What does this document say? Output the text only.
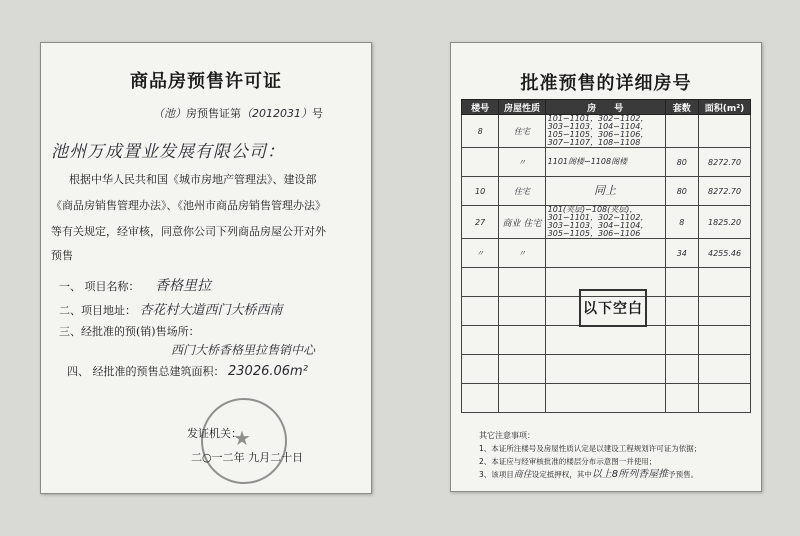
商品房预售许可证
（池）房预售证第（2012031）号
池州万成置业发展有限公司：
根据中华人民共和国《城市房地产管理法》、建设部
《商品房销售管理办法》、《池州市商品房销售管理办法》
等有关规定，经审核，同意你公司下列商品房屋公开对外
预售
一、 项目名称： 香格里拉
二、项目地址： 杏花村大道西门大桥西南
三、经批准的预(销)售场所：
西门大桥香格里拉售销中心
四、 经批准的预售总建筑面积： 23026.06m²
★
发证机关：
二○一二年 九月二十日
批准预售的详细房号
楼号	房屋性质	房　　号	套数	面积(m²)
8	住宅	101∽1101，302∽1102，303∽1103，104∽1104，105∽1105，306∽1106，307∽1107，108∽1108		
	〃	1101阁楼∽1108阁楼	80	8272.70
10	住宅	同上	80	8272.70
27	商业 住宅	101(夹层)∽108(夹层)，301∽1101，302∽1102，303∽1103，304∽1104，305∽1105，306∽1106	8	1825.20
〃	〃		34	4255.46

以下空白
其它注意事项：
1、本证所注楼号及房屋性质认定是以建设工程规划许可证为依据；
2、本证应与经审核批准的楼层分布示意图一并使用；
3、该项目商住设定抵押权，其中以上8所列香屋推予预售。
